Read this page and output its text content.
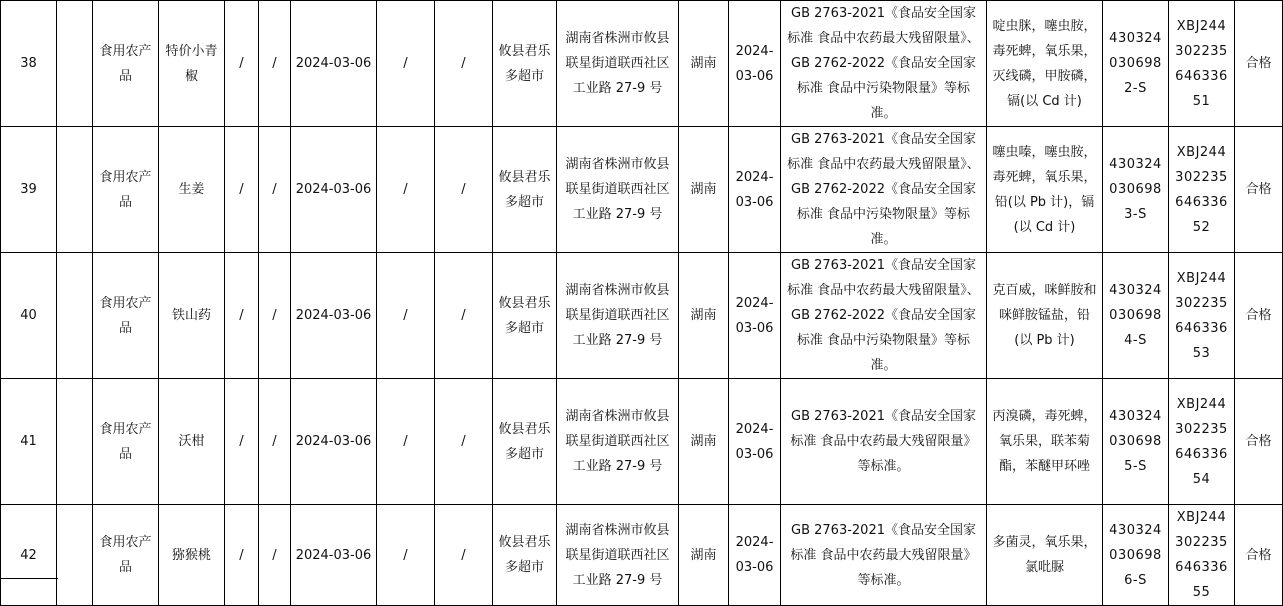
38		食用农产品	特价小青椒	/	/	2024-03-06	/	/	攸县君乐多超市	湖南省株洲市攸县联星街道联西社区工业路 27-9 号	湖南	2024-03-06	GB 2763-2021《食品安全国家标准 食品中农药最大残留限量》、GB 2762-2022《食品安全国家标准 食品中污染物限量》等标准。	啶虫脒，噻虫胺，毒死蜱，氧乐果，灭线磷，甲胺磷，镉(以 Cd 计)	4303240306982-S	XBJ24430223564633651	合格
39		食用农产品	生姜	/	/	2024-03-06	/	/	攸县君乐多超市	湖南省株洲市攸县联星街道联西社区工业路 27-9 号	湖南	2024-03-06	GB 2763-2021《食品安全国家标准 食品中农药最大残留限量》、GB 2762-2022《食品安全国家标准 食品中污染物限量》等标准。	噻虫嗪，噻虫胺，毒死蜱，氧乐果，铅(以 Pb 计)，镉(以 Cd 计)	4303240306983-S	XBJ24430223564633652	合格
40		食用农产品	铁山药	/	/	2024-03-06	/	/	攸县君乐多超市	湖南省株洲市攸县联星街道联西社区工业路 27-9 号	湖南	2024-03-06	GB 2763-2021《食品安全国家标准 食品中农药最大残留限量》、GB 2762-2022《食品安全国家标准 食品中污染物限量》等标准。	克百威，咪鲜胺和咪鲜胺锰盐，铅(以 Pb 计)	4303240306984-S	XBJ24430223564633653	合格
41		食用农产品	沃柑	/	/	2024-03-06	/	/	攸县君乐多超市	湖南省株洲市攸县联星街道联西社区工业路 27-9 号	湖南	2024-03-06	GB 2763-2021《食品安全国家标准 食品中农药最大残留限量》等标准。	丙溴磷，毒死蜱，氧乐果，联苯菊酯，苯醚甲环唑	4303240306985-S	XBJ24430223564633654	合格
42		食用农产品	猕猴桃	/	/	2024-03-06	/	/	攸县君乐多超市	湖南省株洲市攸县联星街道联西社区工业路 27-9 号	湖南	2024-03-06	GB 2763-2021《食品安全国家标准 食品中农药最大残留限量》等标准。	多菌灵，氧乐果，氯吡脲	4303240306986-S	XBJ24430223564633655	合格
